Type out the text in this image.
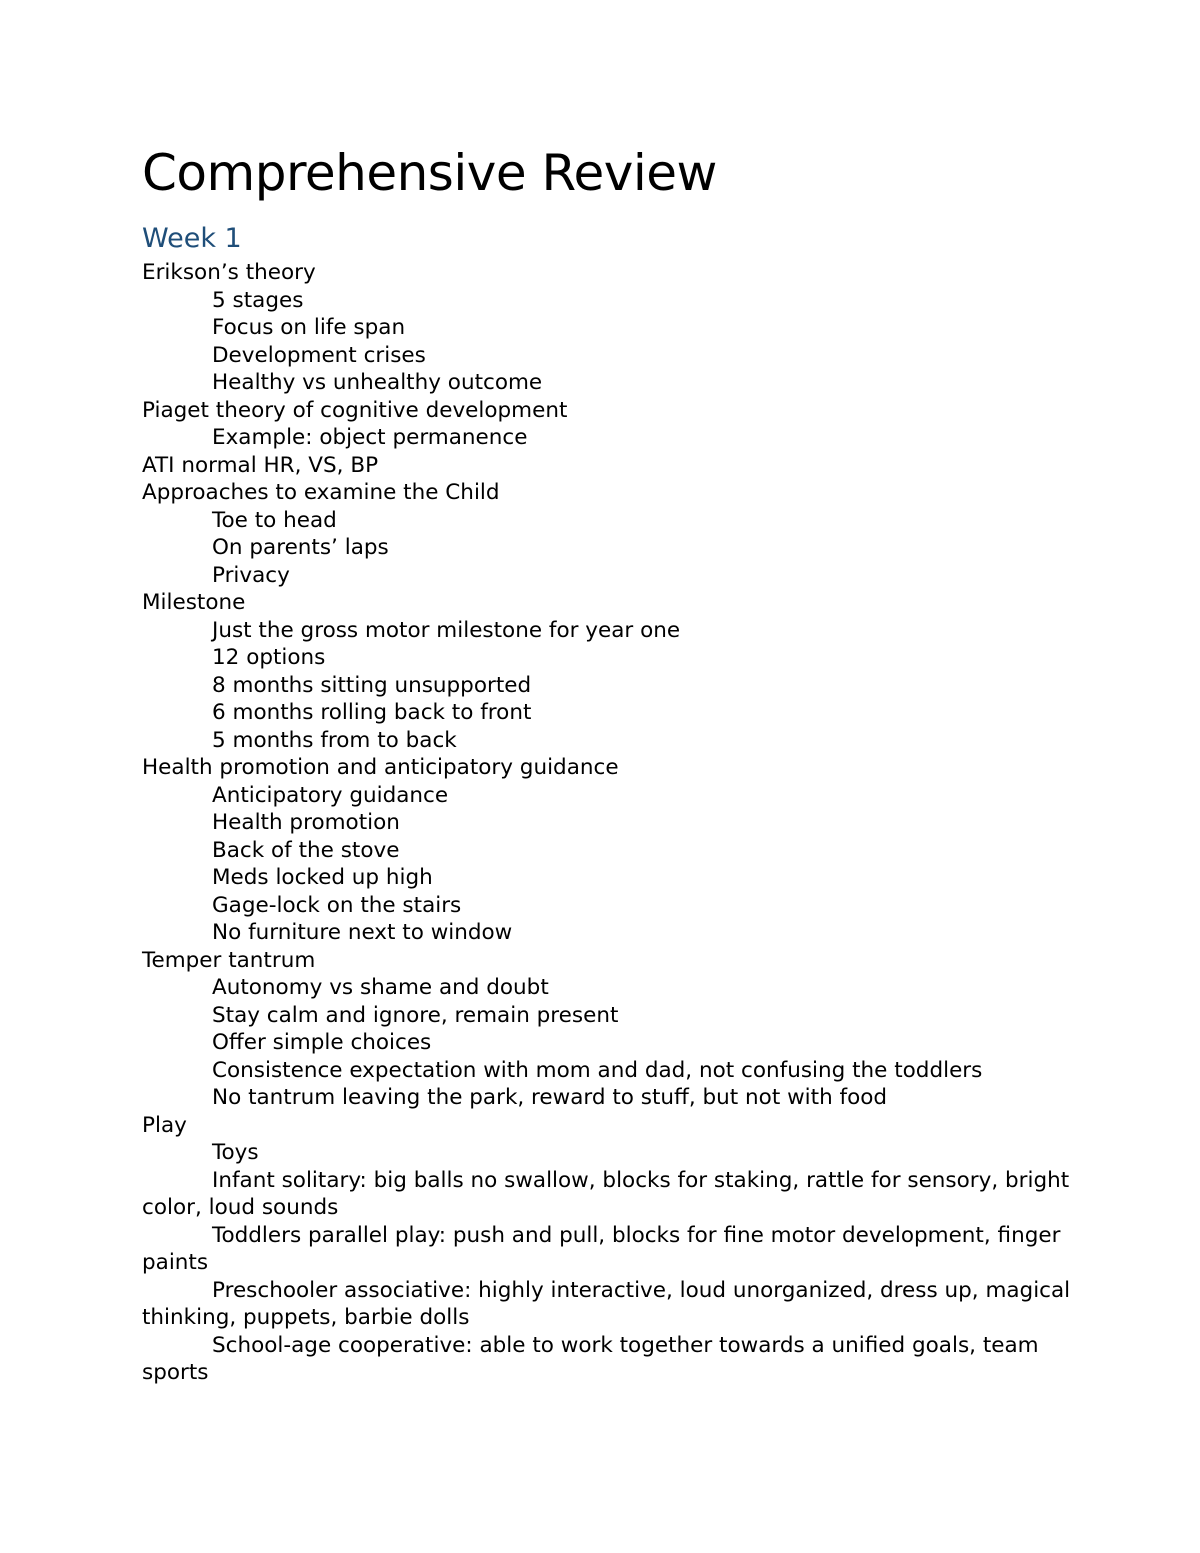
Comprehensive Review
Week 1

Erikson’s theory

5 stages

Focus on life span

Development crises

Healthy vs unhealthy outcome

Piaget theory of cognitive development

Example: object permanence

ATI normal HR, VS, BP

Approaches to examine the Child

Toe to head

On parents’ laps

Privacy

Milestone

Just the gross motor milestone for year one

12 options

8 months sitting unsupported

6 months rolling back to front

5 months from to back

Health promotion and anticipatory guidance

Anticipatory guidance

Health promotion

Back of the stove

Meds locked up high

Gage-lock on the stairs

No furniture next to window

Temper tantrum

Autonomy vs shame and doubt

Stay calm and ignore, remain present

Offer simple choices

Consistence expectation with mom and dad, not confusing the toddlers

No tantrum leaving the park, reward to stuff, but not with food

Play

Toys

Infant solitary: big balls no swallow, blocks for staking, rattle for sensory, bright color, loud sounds

Toddlers parallel play: push and pull, blocks for fine motor development, finger paints

Preschooler associative: highly interactive, loud unorganized, dress up, magical thinking, puppets, barbie dolls

School-age cooperative: able to work together towards a unified goals, team sports
